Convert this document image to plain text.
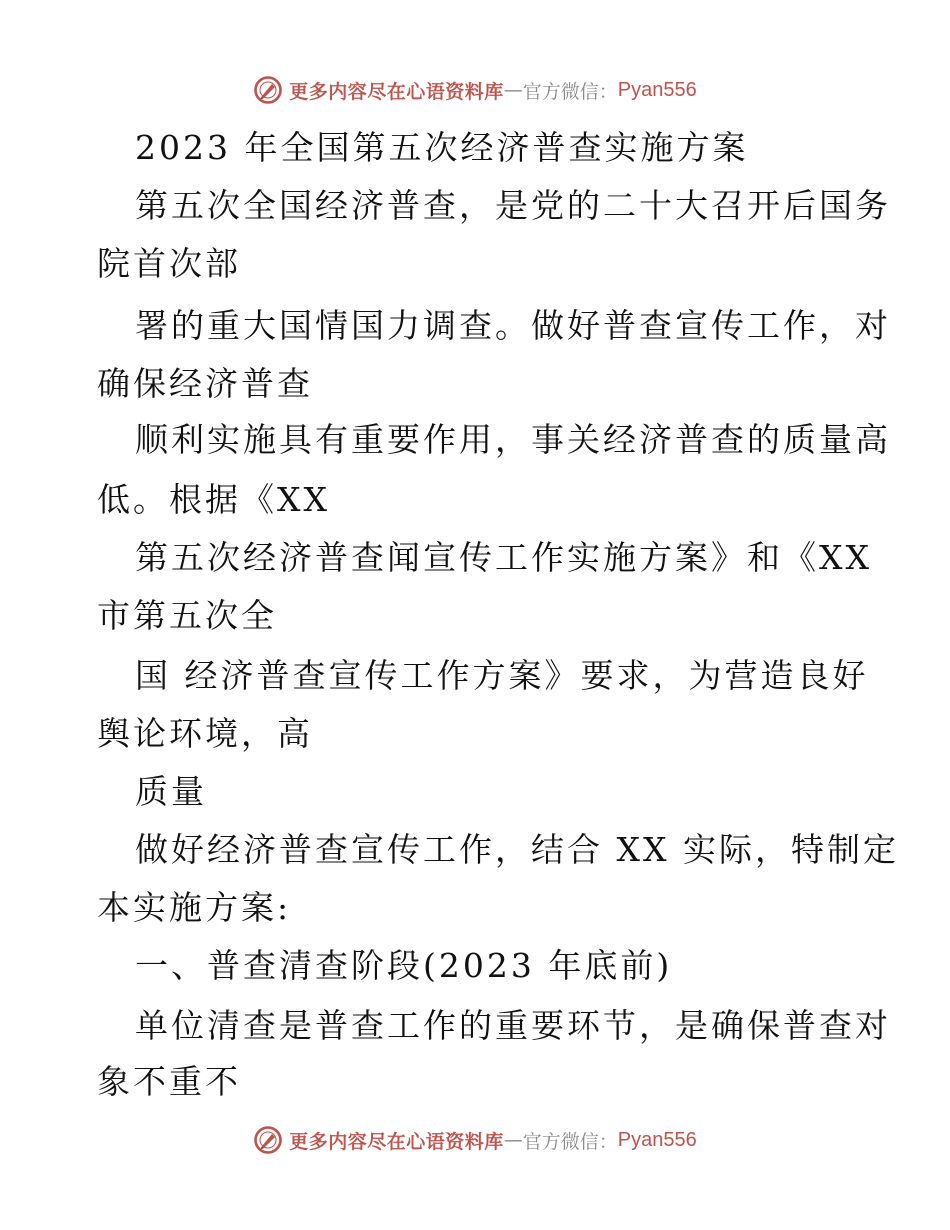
更多内容尽在心语资料库 — 官方微信： Pyan556
2023 年全国第五次经济普查实施方案
第五次全国经济普查，是党的二十大召开后国务
院首次部
署的重大国情国力调查。做好普查宣传工作，对
确保经济普查
顺利实施具有重要作用，事关经济普查的质量高
低。根据《XX
第五次经济普查闻宣传工作实施方案》和《XX
市第五次全
国 经济普查宣传工作方案》要求，为营造良好
舆论环境，高
质量
做好经济普查宣传工作，结合 XX 实际，特制定
本实施方案:
一、普查清查阶段(2023 年底前)
单位清查是普查工作的重要环节，是确保普查对
象不重不
更多内容尽在心语资料库 — 官方微信： Pyan556
